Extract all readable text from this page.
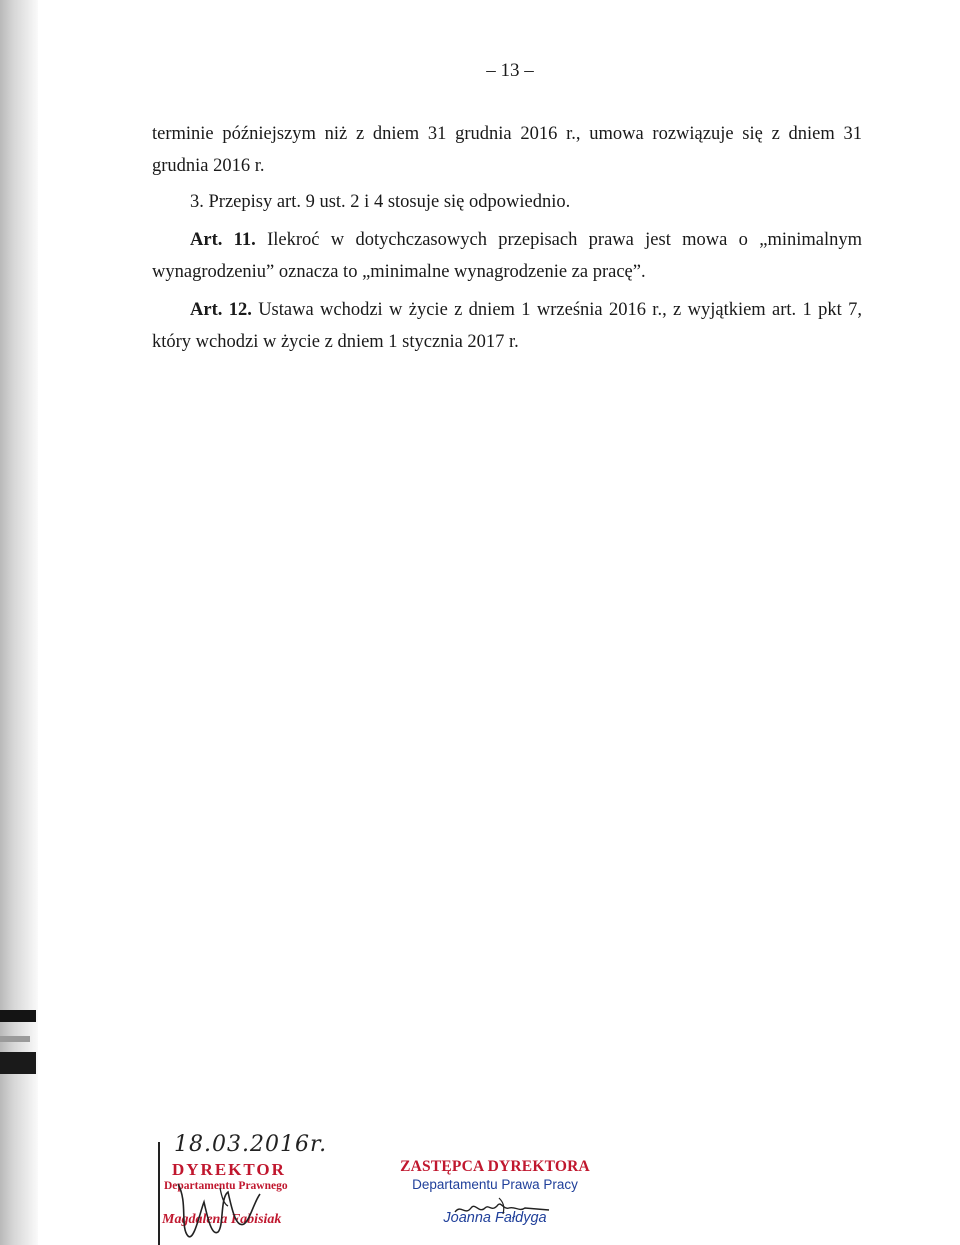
– 13 –

terminie późniejszym niż z dniem 31 grudnia 2016 r., umowa rozwiązuje się z dniem 31 grudnia 2016 r.

3. Przepisy art. 9 ust. 2 i 4 stosuje się odpowiednio.

Art. 11. Ilekroć w dotychczasowych przepisach prawa jest mowa o „minimalnym wynagrodzeniu” oznacza to „minimalne wynagrodzenie za pracę”.

Art. 12. Ustawa wchodzi w życie z dniem 1 września 2016 r., z wyjątkiem art. 1 pkt 7, który wchodzi w życie z dniem 1 stycznia 2017 r.

18.03.2016r.
DYREKTOR
Departamentu Prawnego
Magdalena Fabisiak
ZASTĘPCA DYREKTORA
Departamentu Prawa Pracy
Joanna Fałdyga
